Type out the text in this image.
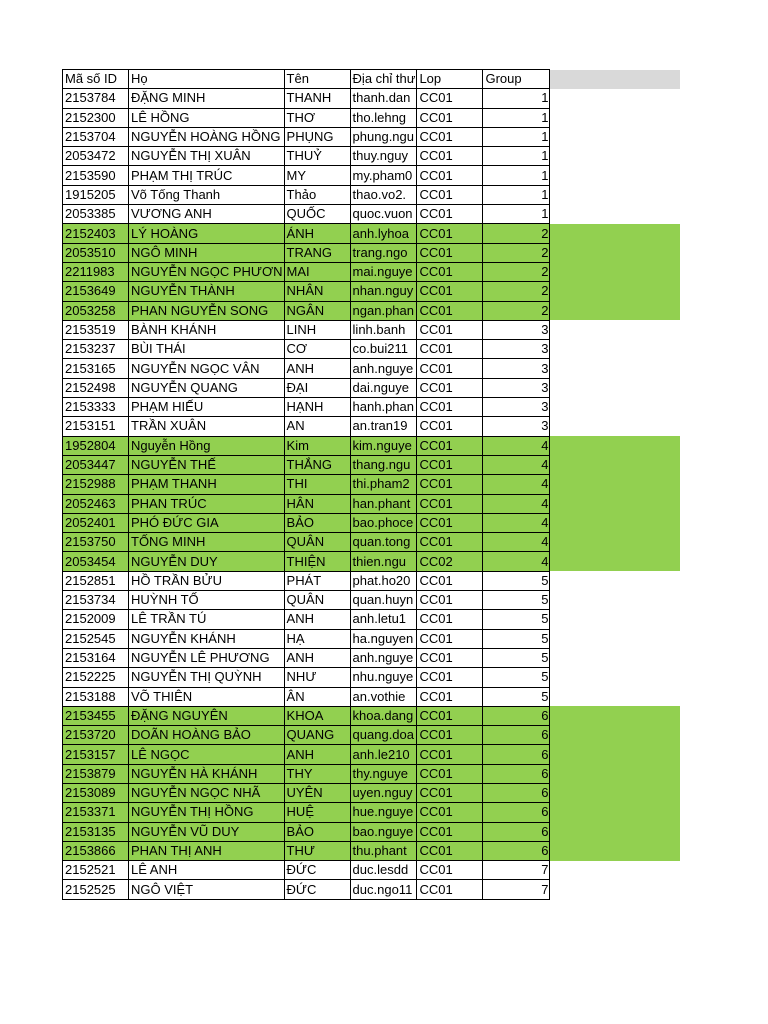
Mã số ID	Họ	Tên	Địa chỉ thư	Lop	Group	
2153784	ĐẶNG MINH	THANH	thanh.dan	CC01	1	
2152300	LÊ HỒNG	THƠ	tho.lehng	CC01	1	
2153704	NGUYỄN HOÀNG HỒNG	PHỤNG	phung.ngu	CC01	1	
2053472	NGUYỄN THỊ XUÂN	THUỶ	thuy.nguy	CC01	1	
2153590	PHẠM THỊ TRÚC	MY	my.pham0	CC01	1	
1915205	Võ Tống Thanh	Thảo	thao.vo2.	CC01	1	
2053385	VƯƠNG ANH	QUỐC	quoc.vuon	CC01	1	
2152403	LÝ HOÀNG	ÁNH	anh.lyhoa	CC01	2	
2053510	NGÔ MINH	TRANG	trang.ngo	CC01	2	
2211983	NGUYỄN NGỌC PHƯƠN	MAI	mai.nguye	CC01	2	
2153649	NGUYỄN THÀNH	NHÂN	nhan.nguy	CC01	2	
2053258	PHAN NGUYỄN SONG	NGÂN	ngan.phan	CC01	2	
2153519	BÀNH KHÁNH	LINH	linh.banh	CC01	3	
2153237	BÙI THÁI	CƠ	co.bui211	CC01	3	
2153165	NGUYỄN NGỌC VÂN	ANH	anh.nguye	CC01	3	
2152498	NGUYỄN QUANG	ĐẠI	dai.nguye	CC01	3	
2153333	PHẠM HIẾU	HẠNH	hanh.phan	CC01	3	
2153151	TRẦN XUÂN	AN	an.tran19	CC01	3	
1952804	Nguyễn Hồng	Kim	kim.nguye	CC01	4	
2053447	NGUYỄN THẾ	THẮNG	thang.ngu	CC01	4	
2152988	PHẠM THANH	THI	thi.pham2	CC01	4	
2052463	PHAN TRÚC	HÂN	han.phant	CC01	4	
2052401	PHÓ ĐỨC GIA	BẢO	bao.phoce	CC01	4	
2153750	TỐNG MINH	QUÂN	quan.tong	CC01	4	
2053454	NGUYỄN DUY	THIỆN	thien.ngu	CC02	4	
2152851	HỒ TRẦN BỬU	PHÁT	phat.ho20	CC01	5	
2153734	HUỲNH TỐ	QUÂN	quan.huyn	CC01	5	
2152009	LÊ TRẦN TÚ	ANH	anh.letu1	CC01	5	
2152545	NGUYỄN KHÁNH	HẠ	ha.nguyen	CC01	5	
2153164	NGUYỄN LÊ PHƯƠNG	ANH	anh.nguye	CC01	5	
2152225	NGUYỄN THỊ QUỲNH	NHƯ	nhu.nguye	CC01	5	
2153188	VÕ THIÊN	ÂN	an.vothie	CC01	5	
2153455	ĐẶNG NGUYÊN	KHOA	khoa.dang	CC01	6	
2153720	DOÃN HOÀNG BẢO	QUANG	quang.doa	CC01	6	
2153157	LÊ NGỌC	ANH	anh.le210	CC01	6	
2153879	NGUYỄN HÀ KHÁNH	THY	thy.nguye	CC01	6	
2153089	NGUYỄN NGỌC NHÃ	UYÊN	uyen.nguy	CC01	6	
2153371	NGUYỄN THỊ HỒNG	HUỆ	hue.nguye	CC01	6	
2153135	NGUYỄN VŨ DUY	BẢO	bao.nguye	CC01	6	
2153866	PHAN THỊ ANH	THƯ	thu.phant	CC01	6	
2152521	LÊ ANH	ĐỨC	duc.lesdd	CC01	7	
2152525	NGÔ VIỆT	ĐỨC	duc.ngo11	CC01	7	
